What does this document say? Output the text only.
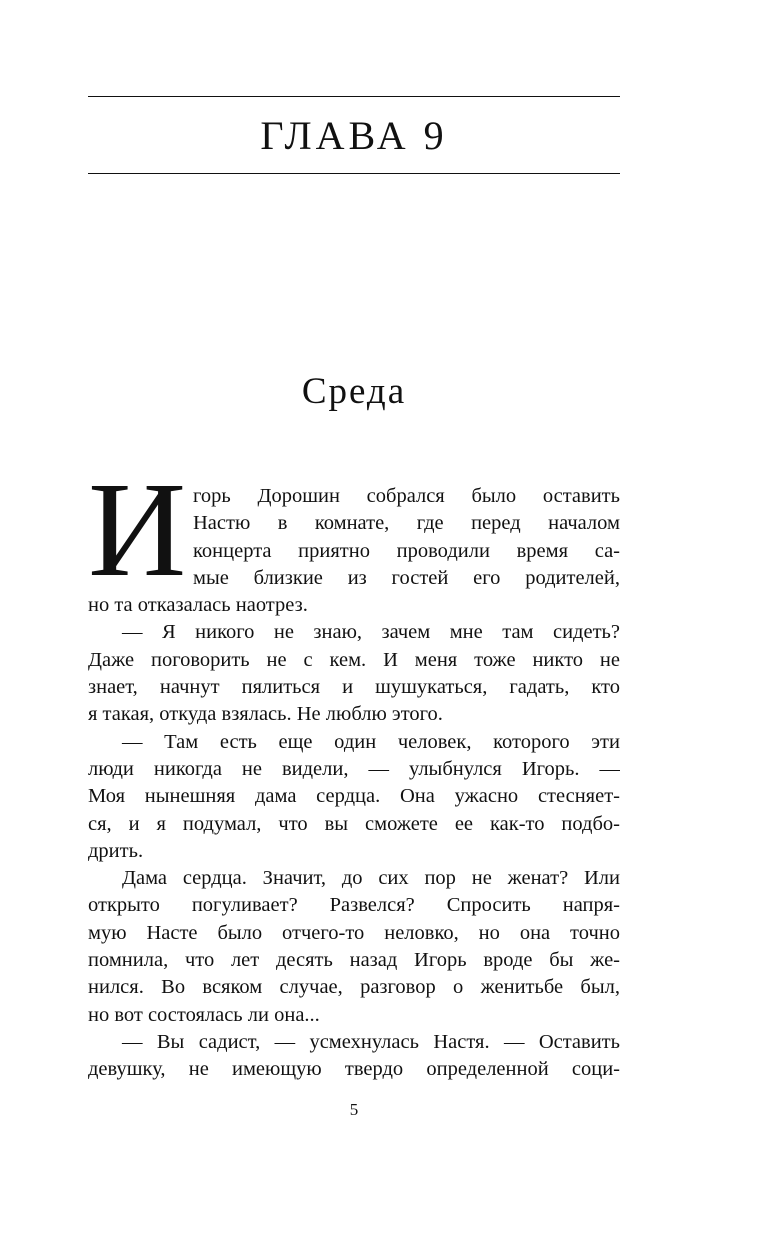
ГЛАВА 9
Среда
И горь Дорошин собрался было оставить
Настю в комнате, где перед началом
концерта приятно проводили время са-
мые близкие из гостей его родителей,
но та отказалась наотрез.
— Я никого не знаю, зачем мне там сидеть?
Даже поговорить не с кем. И меня тоже никто не
знает, начнут пялиться и шушукаться, гадать, кто
я такая, откуда взялась. Не люблю этого.
— Там есть еще один человек, которого эти
люди никогда не видели, — улыбнулся Игорь. —
Моя нынешняя дама сердца. Она ужасно стесняет-
ся, и я подумал, что вы сможете ее как-то подбо-
дрить.
Дама сердца. Значит, до сих пор не женат? Или
открыто погуливает? Развелся? Спросить напря-
мую Насте было отчего-то неловко, но она точно
помнила, что лет десять назад Игорь вроде бы же-
нился. Во всяком случае, разговор о женитьбе был,
но вот состоялась ли она...
— Вы садист, — усмехнулась Настя. — Оставить
девушку, не имеющую твердо определенной соци-
5
